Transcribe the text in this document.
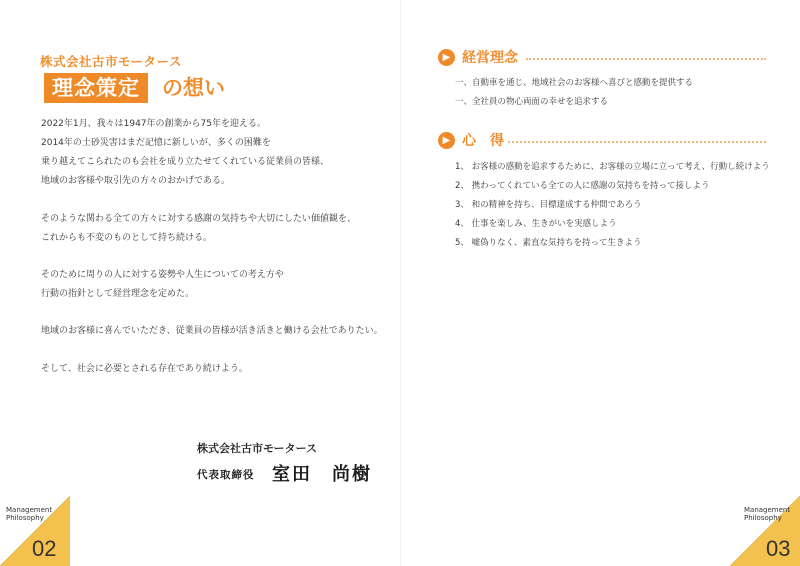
株式会社古市モータース
理念策定	の想い
2022年1月、我々は1947年の創業から75年を迎える。
2014年の土砂災害はまだ記憶に新しいが、多くの困難を
乗り越えてこられたのも会社を成り立たせてくれている従業員の皆様、
地域のお客様や取引先の方々のおかげである。
そのような関わる全ての方々に対する感謝の気持ちや大切にしたい価値観を、
これからも不変のものとして持ち続ける。
そのために周りの人に対する姿勢や人生についての考え方や
行動の指針として経営理念を定めた。
地域のお客様に喜んでいただき、従業員の皆様が活き活きと働ける会社でありたい。
そして、社会に必要とされる存在であり続けよう。
株式会社古市モータース
代表取締役 室田　尚樹
Management
Philosophy
02
▶ 経営理念
一、自動車を通じ、地域社会のお客様へ喜びと感動を提供する
一、全社員の物心両面の幸せを追求する
▶ 心　得
1、 お客様の感動を追求するために、お客様の立場に立って考え、行動し続けよう
2、 携わってくれている全ての人に感謝の気持ちを持って接しよう
3、 和の精神を持ち、目標達成する仲間であろう
4、 仕事を楽しみ、生きがいを実感しよう
5、 嘘偽りなく、素直な気持ちを持って生きよう
Management
Philosophy
03
